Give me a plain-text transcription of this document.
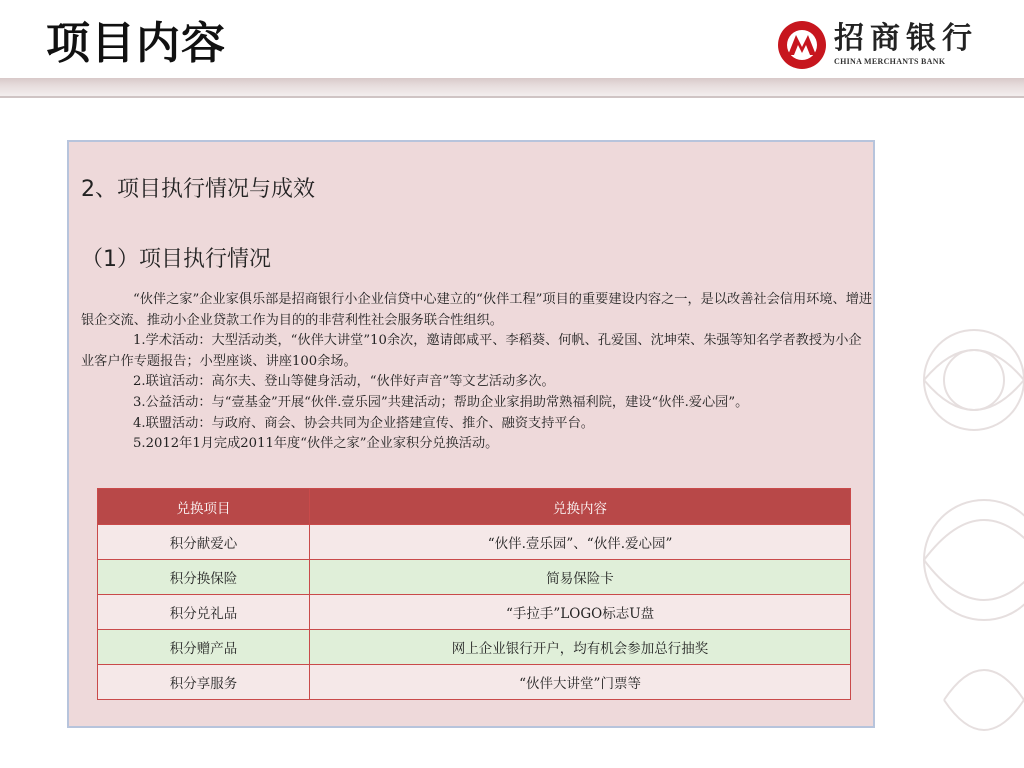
项目内容	招商银行
CHINA MERCHANTS BANK
2、项目执行情况与成效
（1）项目执行情况

“伙伴之家”企业家俱乐部是招商银行小企业信贷中心建立的“伙伴工程”项目的重要建设内容之一，是以改善社会信用环境、增进银企交流、推动小企业贷款工作为目的的非营利性社会服务联合性组织。

1.学术活动：大型活动类，“伙伴大讲堂”10余次，邀请郎咸平、李稻葵、何帆、孔爱国、沈坤荣、朱强等知名学者教授为小企业客户作专题报告；小型座谈、讲座100余场。

2.联谊活动：高尔夫、登山等健身活动，“伙伴好声音”等文艺活动多次。

3.公益活动：与“壹基金”开展“伙伴.壹乐园”共建活动；帮助企业家捐助常熟福利院，建设“伙伴.爱心园”。

4.联盟活动：与政府、商会、协会共同为企业搭建宣传、推介、融资支持平台。

5.2012年1月完成2011年度“伙伴之家”企业家积分兑换活动。

兑换项目	兑换内容
积分献爱心	“伙伴.壹乐园”、“伙伴.爱心园”
积分换保险	简易保险卡
积分兑礼品	“手拉手”LOGO标志U盘
积分赠产品	网上企业银行开户，均有机会参加总行抽奖
积分享服务	“伙伴大讲堂”门票等
